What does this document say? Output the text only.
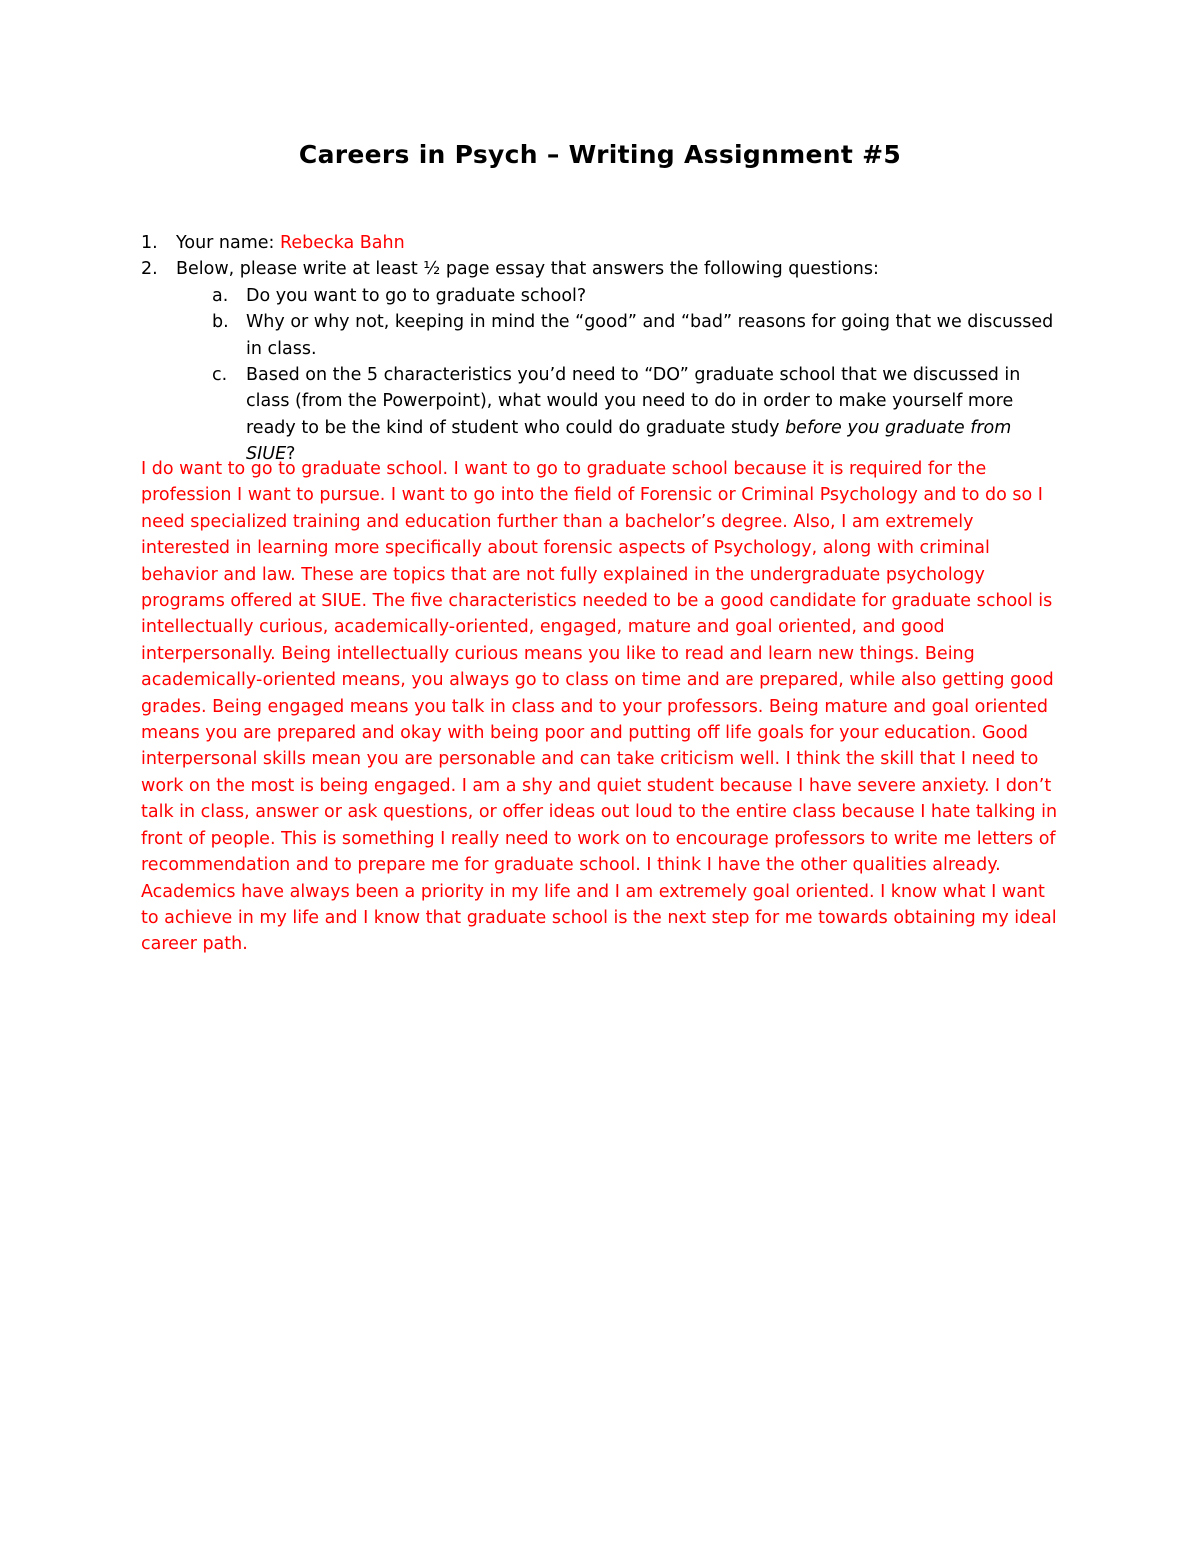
Careers in Psych – Writing Assignment #5
1.	Your name: Rebecka Bahn
2.	Below, please write at least ½ page essay that answers the following questions:
a.	Do you want to go to graduate school?
b. Why or why not, keeping in mind the “good” and “bad” reasons for going that we discussed in class.
c.	Based on the 5 characteristics you’d need to “DO” graduate school that we discussed in class (from the Powerpoint), what would you need to do in order to make yourself more ready to be the kind of student who could do graduate study before you graduate from SIUE?
I do want to go to graduate school. I want to go to graduate school because it is required for the profession I want to pursue. I want to go into the field of Forensic or Criminal Psychology and to do so I need specialized training and education further than a bachelor’s degree. Also, I am extremely interested in learning more specifically about forensic aspects of Psychology, along with criminal behavior and law. These are topics that are not fully explained in the undergraduate psychology programs offered at SIUE. The five characteristics needed to be a good candidate for graduate school is intellectually curious, academically-oriented, engaged, mature and goal oriented, and good interpersonally. Being intellectually curious means you like to read and learn new things. Being academically-oriented means, you always go to class on time and are prepared, while also getting good grades. Being engaged means you talk in class and to your professors. Being mature and goal oriented means you are prepared and okay with being poor and putting off life goals for your education. Good interpersonal skills mean you are personable and can take criticism well. I think the skill that I need to work on the most is being engaged. I am a shy and quiet student because I have severe anxiety. I don’t talk in class, answer or ask questions, or offer ideas out loud to the entire class because I hate talking in front of people. This is something I really need to work on to encourage professors to write me letters of recommendation and to prepare me for graduate school. I think I have the other qualities already. Academics have always been a priority in my life and I am extremely goal oriented. I know what I want to achieve in my life and I know that graduate school is the next step for me towards obtaining my ideal career path.
